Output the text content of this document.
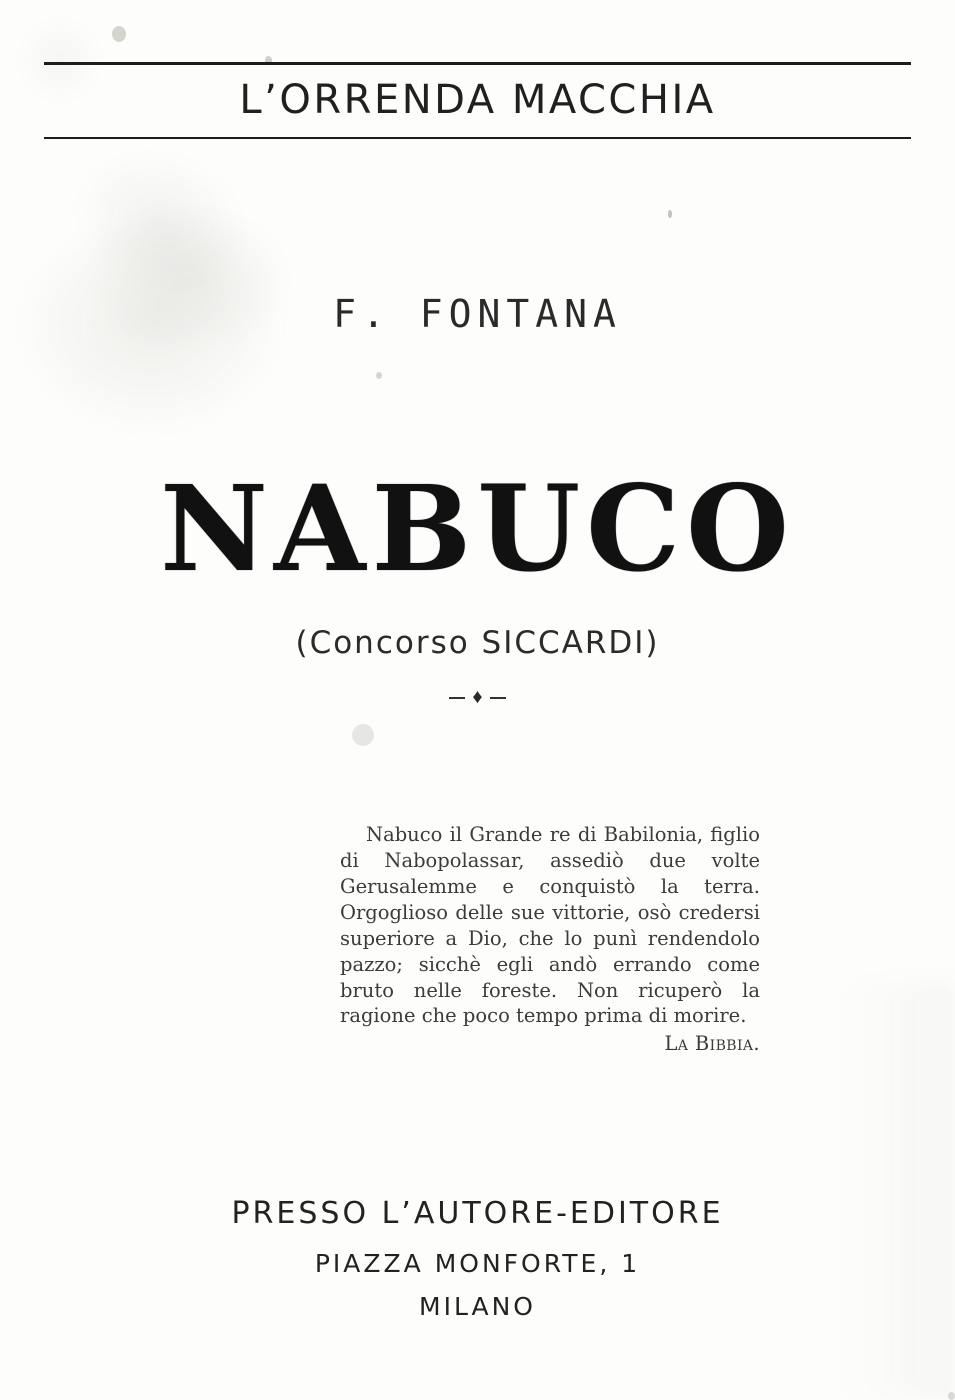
L’ORRENDA MACCHIA
F. FONTANA
NABUCO
(Concorso SICCARDI)
♦
Nabuco il Grande re di Babilonia, figlio di Nabopolassar, assediò due volte Gerusalemme e conquistò la terra. Orgoglioso delle sue vittorie, osò credersi superiore a Dio, che lo punì rendendolo pazzo; sicchè egli andò errando come bruto nelle foreste. Non ricuperò la ragione che poco tempo prima di morire.
La Bibbia.
PRESSO L’AUTORE-EDITORE
PIAZZA MONFORTE, 1
MILANO
